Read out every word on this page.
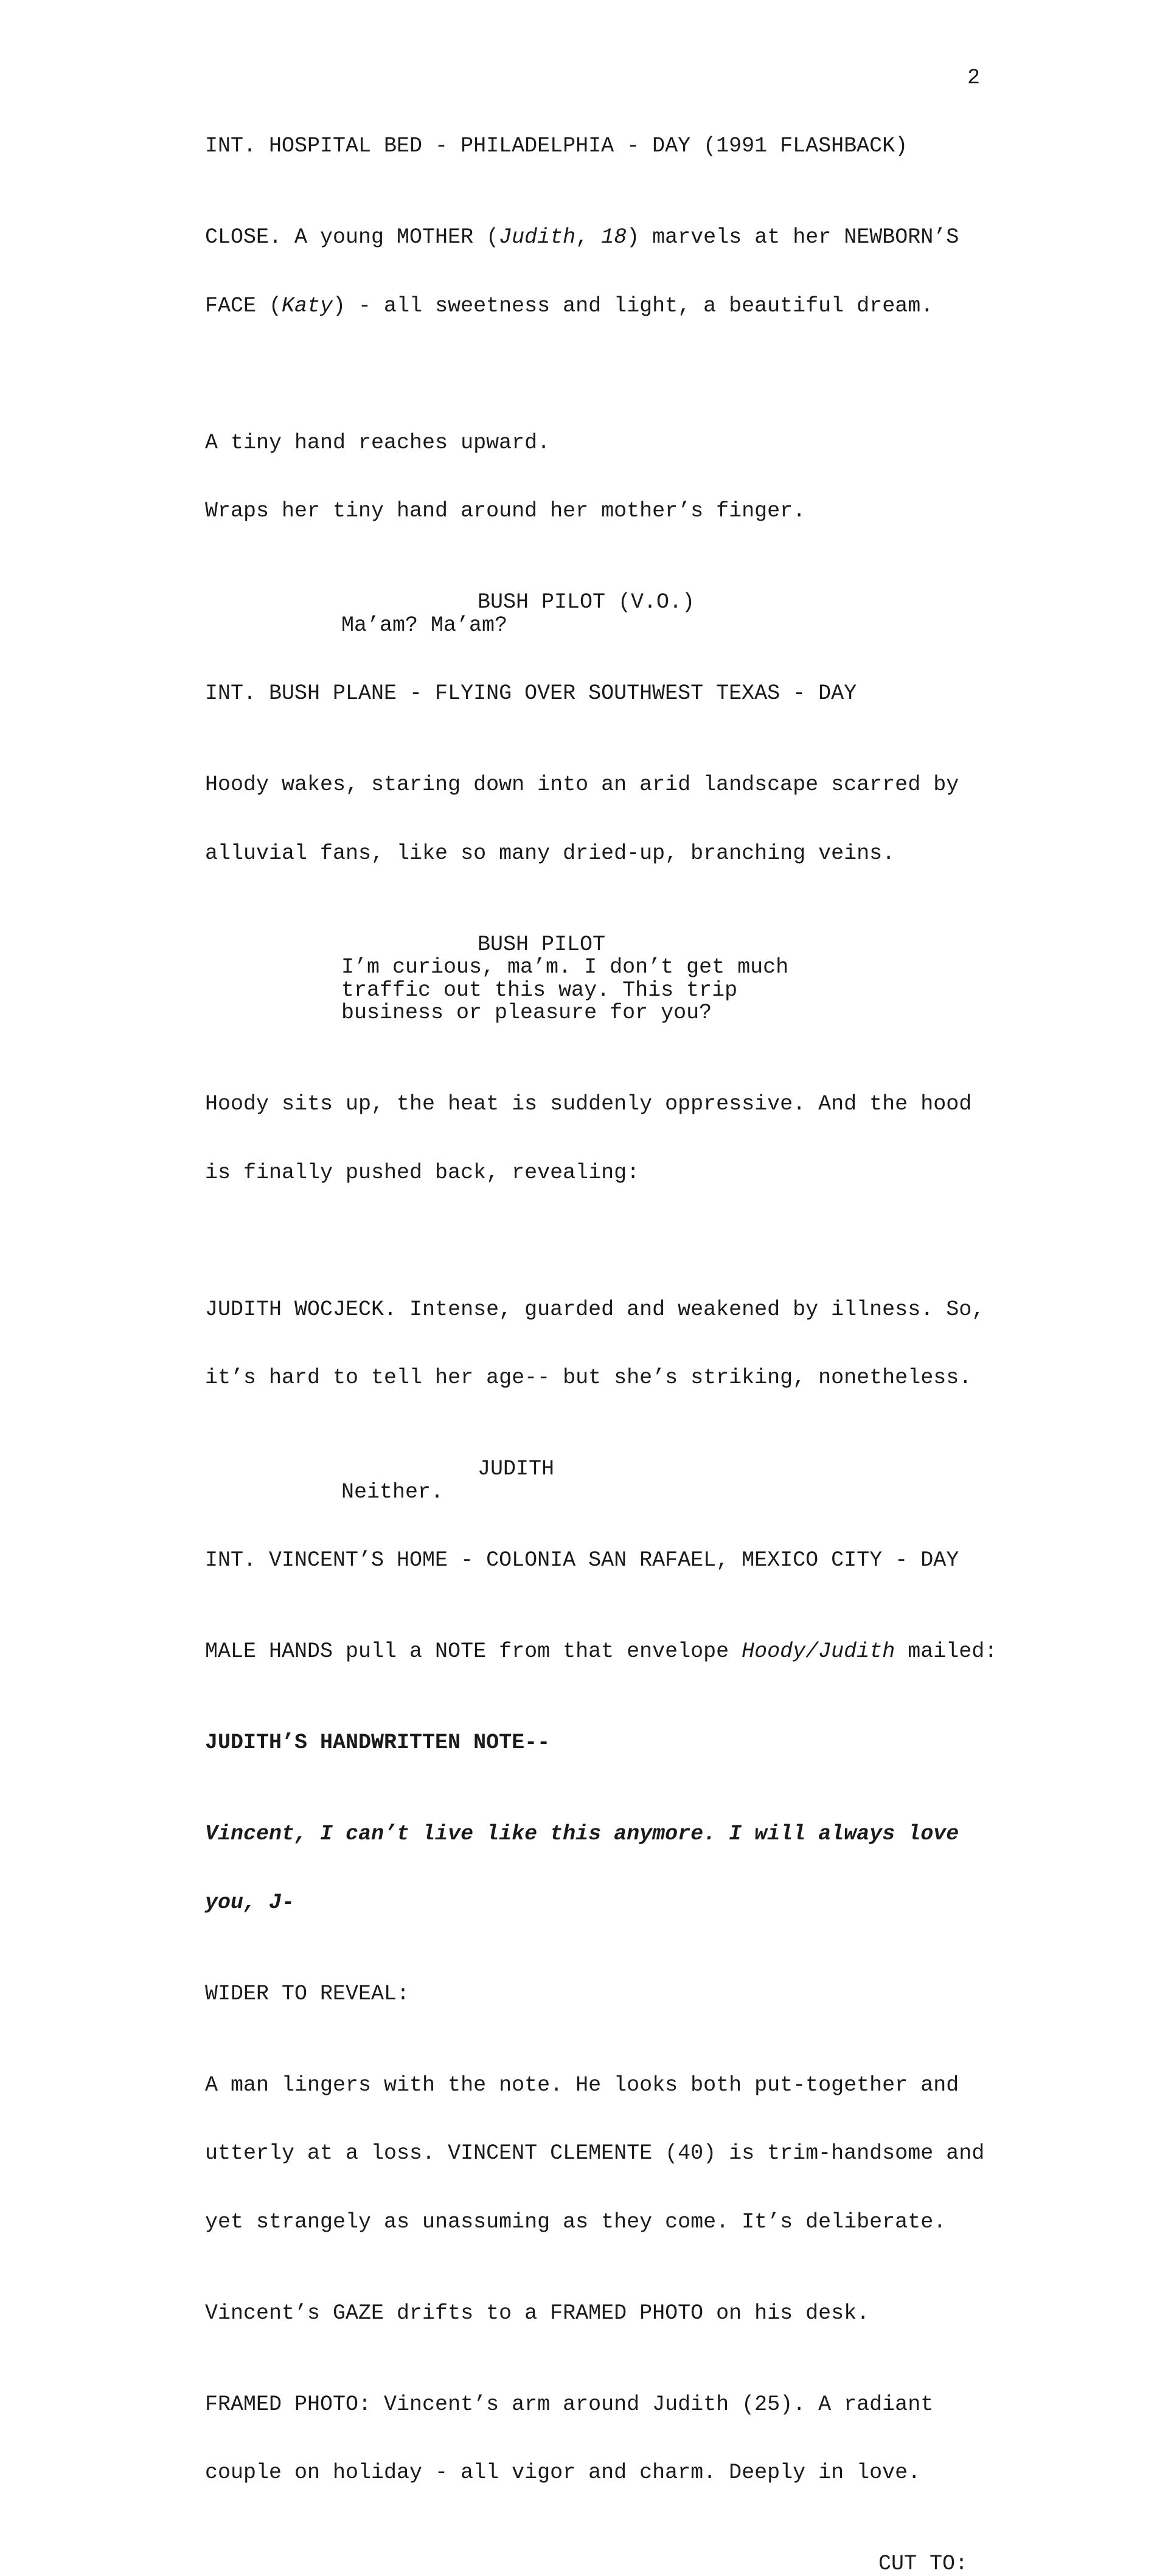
2
INT. HOSPITAL BED - PHILADELPHIA - DAY (1991 FLASHBACK)

CLOSE. A young MOTHER (Judith, 18) marvels at her NEWBORN’S

FACE (Katy) - all sweetness and light, a beautiful dream.

A tiny hand reaches upward.

Wraps her tiny hand around her mother’s finger.

BUSH PILOT (V.O.)
Ma’am? Ma’am?
INT. BUSH PLANE - FLYING OVER SOUTHWEST TEXAS - DAY

Hoody wakes, staring down into an arid landscape scarred by

alluvial fans, like so many dried-up, branching veins.

BUSH PILOT
I’m curious, ma’m. I don’t get much
traffic out this way. This trip
business or pleasure for you?

Hoody sits up, the heat is suddenly oppressive. And the hood

is finally pushed back, revealing:

JUDITH WOCJECK. Intense, guarded and weakened by illness. So,

it’s hard to tell her age-- but she’s striking, nonetheless.

JUDITH
Neither.
INT. VINCENT’S HOME - COLONIA SAN RAFAEL, MEXICO CITY - DAY

MALE HANDS pull a NOTE from that envelope Hoody/Judith mailed:

JUDITH’S HANDWRITTEN NOTE--

Vincent, I can’t live like this anymore. I will always love

you, J-

WIDER TO REVEAL:

A man lingers with the note. He looks both put-together and

utterly at a loss. VINCENT CLEMENTE (40) is trim-handsome and

yet strangely as unassuming as they come. It’s deliberate.

Vincent’s GAZE drifts to a FRAMED PHOTO on his desk.

FRAMED PHOTO: Vincent’s arm around Judith (25). A radiant

couple on holiday - all vigor and charm. Deeply in love.

CUT TO:
